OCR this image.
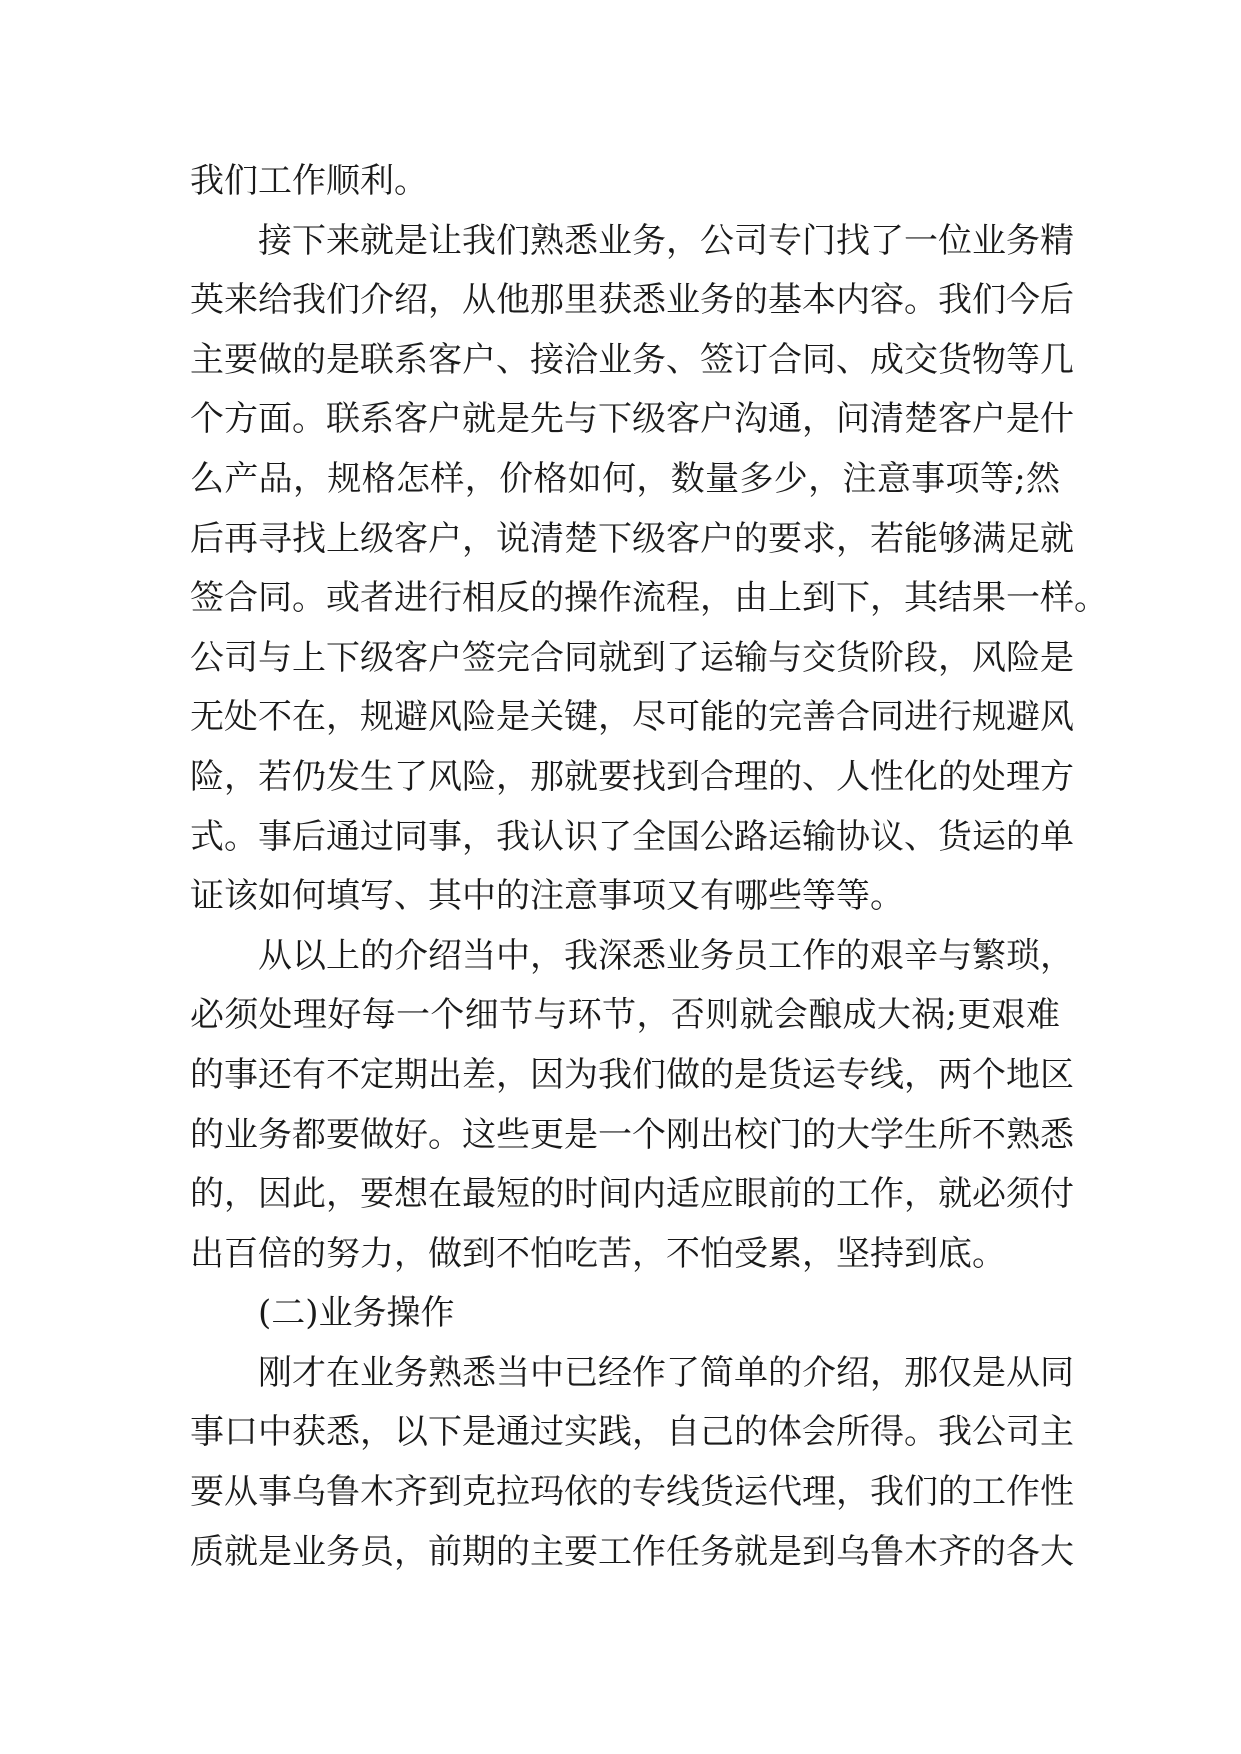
我们工作顺利。
接下来就是让我们熟悉业务，公司专门找了一位业务精
英来给我们介绍，从他那里获悉业务的基本内容。我们今后
主要做的是联系客户、接洽业务、签订合同、成交货物等几
个方面。联系客户就是先与下级客户沟通，问清楚客户是什
么产品，规格怎样，价格如何，数量多少，注意事项等;然
后再寻找上级客户，说清楚下级客户的要求，若能够满足就
签合同。或者进行相反的操作流程，由上到下，其结果一样。
公司与上下级客户签完合同就到了运输与交货阶段，风险是
无处不在，规避风险是关键，尽可能的完善合同进行规避风
险，若仍发生了风险，那就要找到合理的、人性化的处理方
式。事后通过同事，我认识了全国公路运输协议、货运的单
证该如何填写、其中的注意事项又有哪些等等。
从以上的介绍当中，我深悉业务员工作的艰辛与繁琐，
必须处理好每一个细节与环节，否则就会酿成大祸;更艰难
的事还有不定期出差，因为我们做的是货运专线，两个地区
的业务都要做好。这些更是一个刚出校门的大学生所不熟悉
的，因此，要想在最短的时间内适应眼前的工作，就必须付
出百倍的努力，做到不怕吃苦，不怕受累，坚持到底。
(二)业务操作
刚才在业务熟悉当中已经作了简单的介绍，那仅是从同
事口中获悉，以下是通过实践，自己的体会所得。我公司主
要从事乌鲁木齐到克拉玛依的专线货运代理，我们的工作性
质就是业务员，前期的主要工作任务就是到乌鲁木齐的各大
